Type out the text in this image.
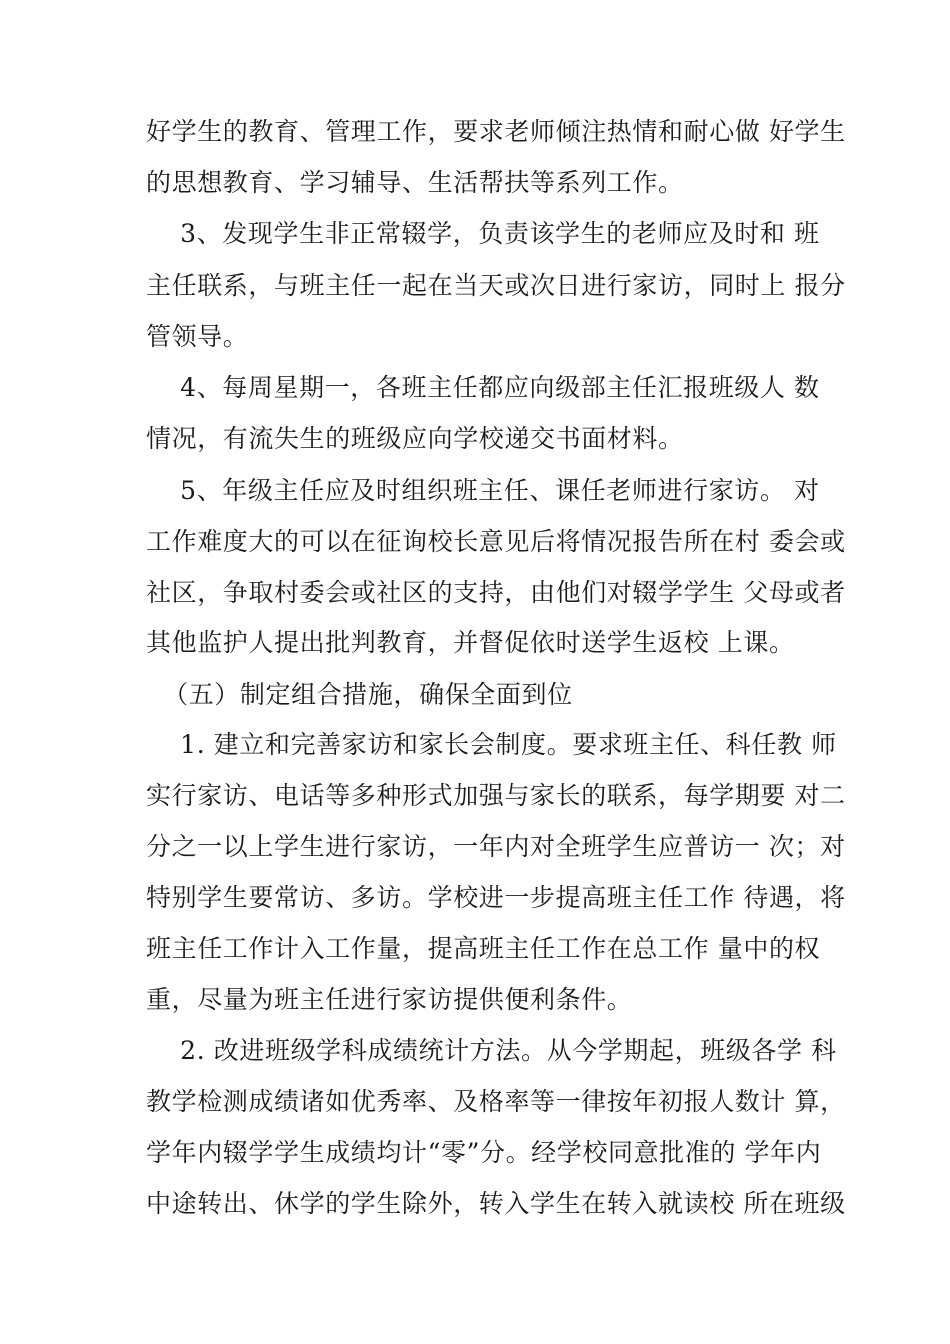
好学生的教育、管理工作，要求老师倾注热情和耐心做 好学生
的思想教育、学习辅导、生活帮扶等系列工作。
3、发现学生非正常辍学，负责该学生的老师应及时和 班
主任联系，与班主任一起在当天或次日进行家访，同时上 报分
管领导。
4、每周星期一，各班主任都应向级部主任汇报班级人 数
情况，有流失生的班级应向学校递交书面材料。
5、年级主任应及时组织班主任、课任老师进行家访。 对
工作难度大的可以在征询校长意见后将情况报告所在村 委会或
社区，争取村委会或社区的支持，由他们对辍学学生 父母或者
其他监护人提出批判教育，并督促依时送学生返校 上课。
（五）制定组合措施，确保全面到位
1. 建立和完善家访和家长会制度。要求班主任、科任教 师
实行家访、电话等多种形式加强与家长的联系，每学期要 对二
分之一以上学生进行家访，一年内对全班学生应普访一 次；对
特别学生要常访、多访。学校进一步提高班主任工作 待遇，将
班主任工作计入工作量，提高班主任工作在总工作 量中的权
重，尽量为班主任进行家访提供便利条件。
2. 改进班级学科成绩统计方法。从今学期起，班级各学 科
教学检测成绩诸如优秀率、及格率等一律按年初报人数计 算，
学年内辍学学生成绩均计“零”分。经学校同意批准的 学年内
中途转出、休学的学生除外，转入学生在转入就读校 所在班级
